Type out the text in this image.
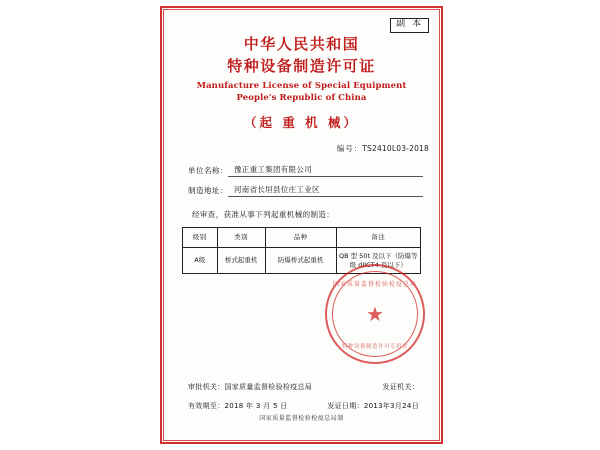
副 本
中华人民共和国
特种设备制造许可证
Manufacture License of Special Equipment
People's Republic of China
（起 重 机 械）
编号：TS2410L03-2018
单位名称： 豫正重工集团有限公司
制造地址： 河南省长垣县位庄工业区
经审查，获准从事下列起重机械的制造：
级别	类别	品种	备注
A级	桥式起重机	防爆桥式起重机	QB 型 50t 及以下（防爆等级 dIICT4 及以下）
国家质量监督检验检疫总局
★
特种设备制造许可专用章
审批机关：国家质量监督检验检疫总局	发证机关：
有效期至：2018 年 3 月 5 日	发证日期：2013年3月24日
国家质量监督检验检疫总局制
